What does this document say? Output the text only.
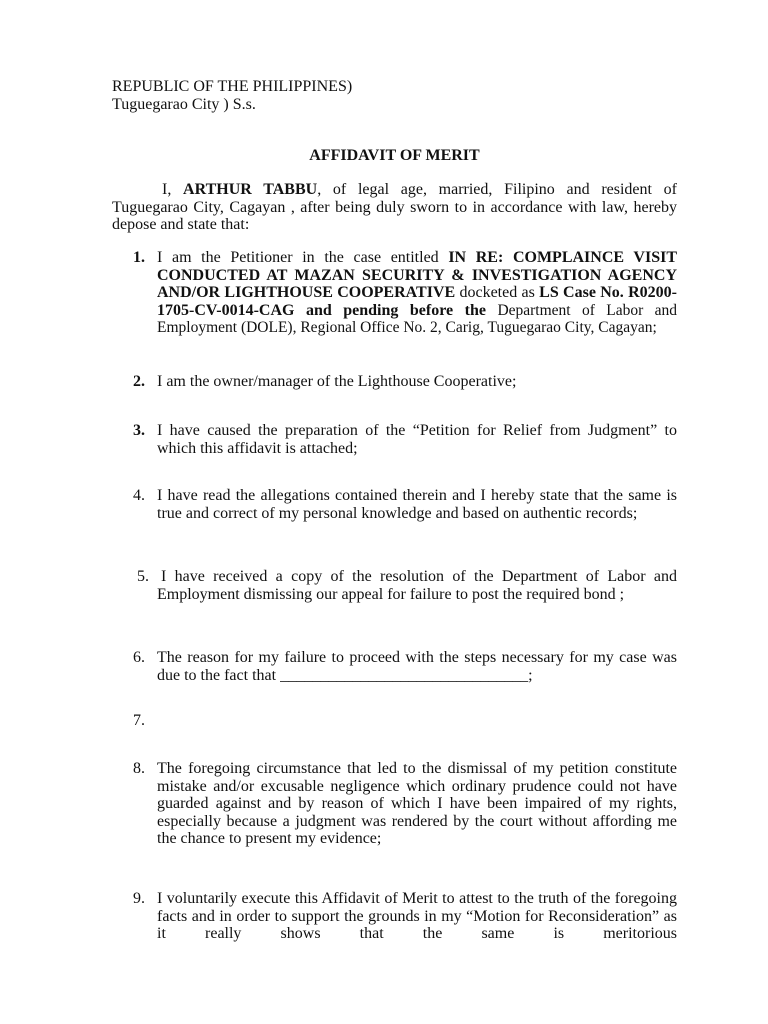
REPUBLIC OF THE PHILIPPINES)
Tuguegarao City ) S.s.
AFFIDAVIT OF MERIT
I, ARTHUR TABBU, of legal age, married, Filipino and resident of Tuguegarao City, Cagayan , after being duly sworn to in accordance with law, hereby depose and state that:
1. I am the Petitioner in the case entitled IN RE: COMPLAINCE VISIT CONDUCTED AT MAZAN SECURITY & INVESTIGATION AGENCY AND/OR LIGHTHOUSE COOPERATIVE docketed as LS Case No. R0200-1705-CV-0014-CAG and pending before the Department of Labor and Employment (DOLE), Regional Office No. 2, Carig, Tuguegarao City, Cagayan;
2. I am the owner/manager of the Lighthouse Cooperative;
3. I have caused the preparation of the “Petition for Relief from Judgment” to which this affidavit is attached;
4. I have read the allegations contained therein and I hereby state that the same is true and correct of my personal knowledge and based on authentic records;
5. I have received a copy of the resolution of the Department of Labor and Employment dismissing our appeal for failure to post the required bond ;
6. The reason for my failure to proceed with the steps necessary for my case was due to the fact that _______________________________;
7.
8. The foregoing circumstance that led to the dismissal of my petition constitute mistake and/or excusable negligence which ordinary prudence could not have guarded against and by reason of which I have been impaired of my rights, especially because a judgment was rendered by the court without affording me the chance to present my evidence;
9. I voluntarily execute this Affidavit of Merit to attest to the truth of the foregoing facts and in order to support the grounds in my “Motion for Reconsideration” as it really shows that the same is meritorious
